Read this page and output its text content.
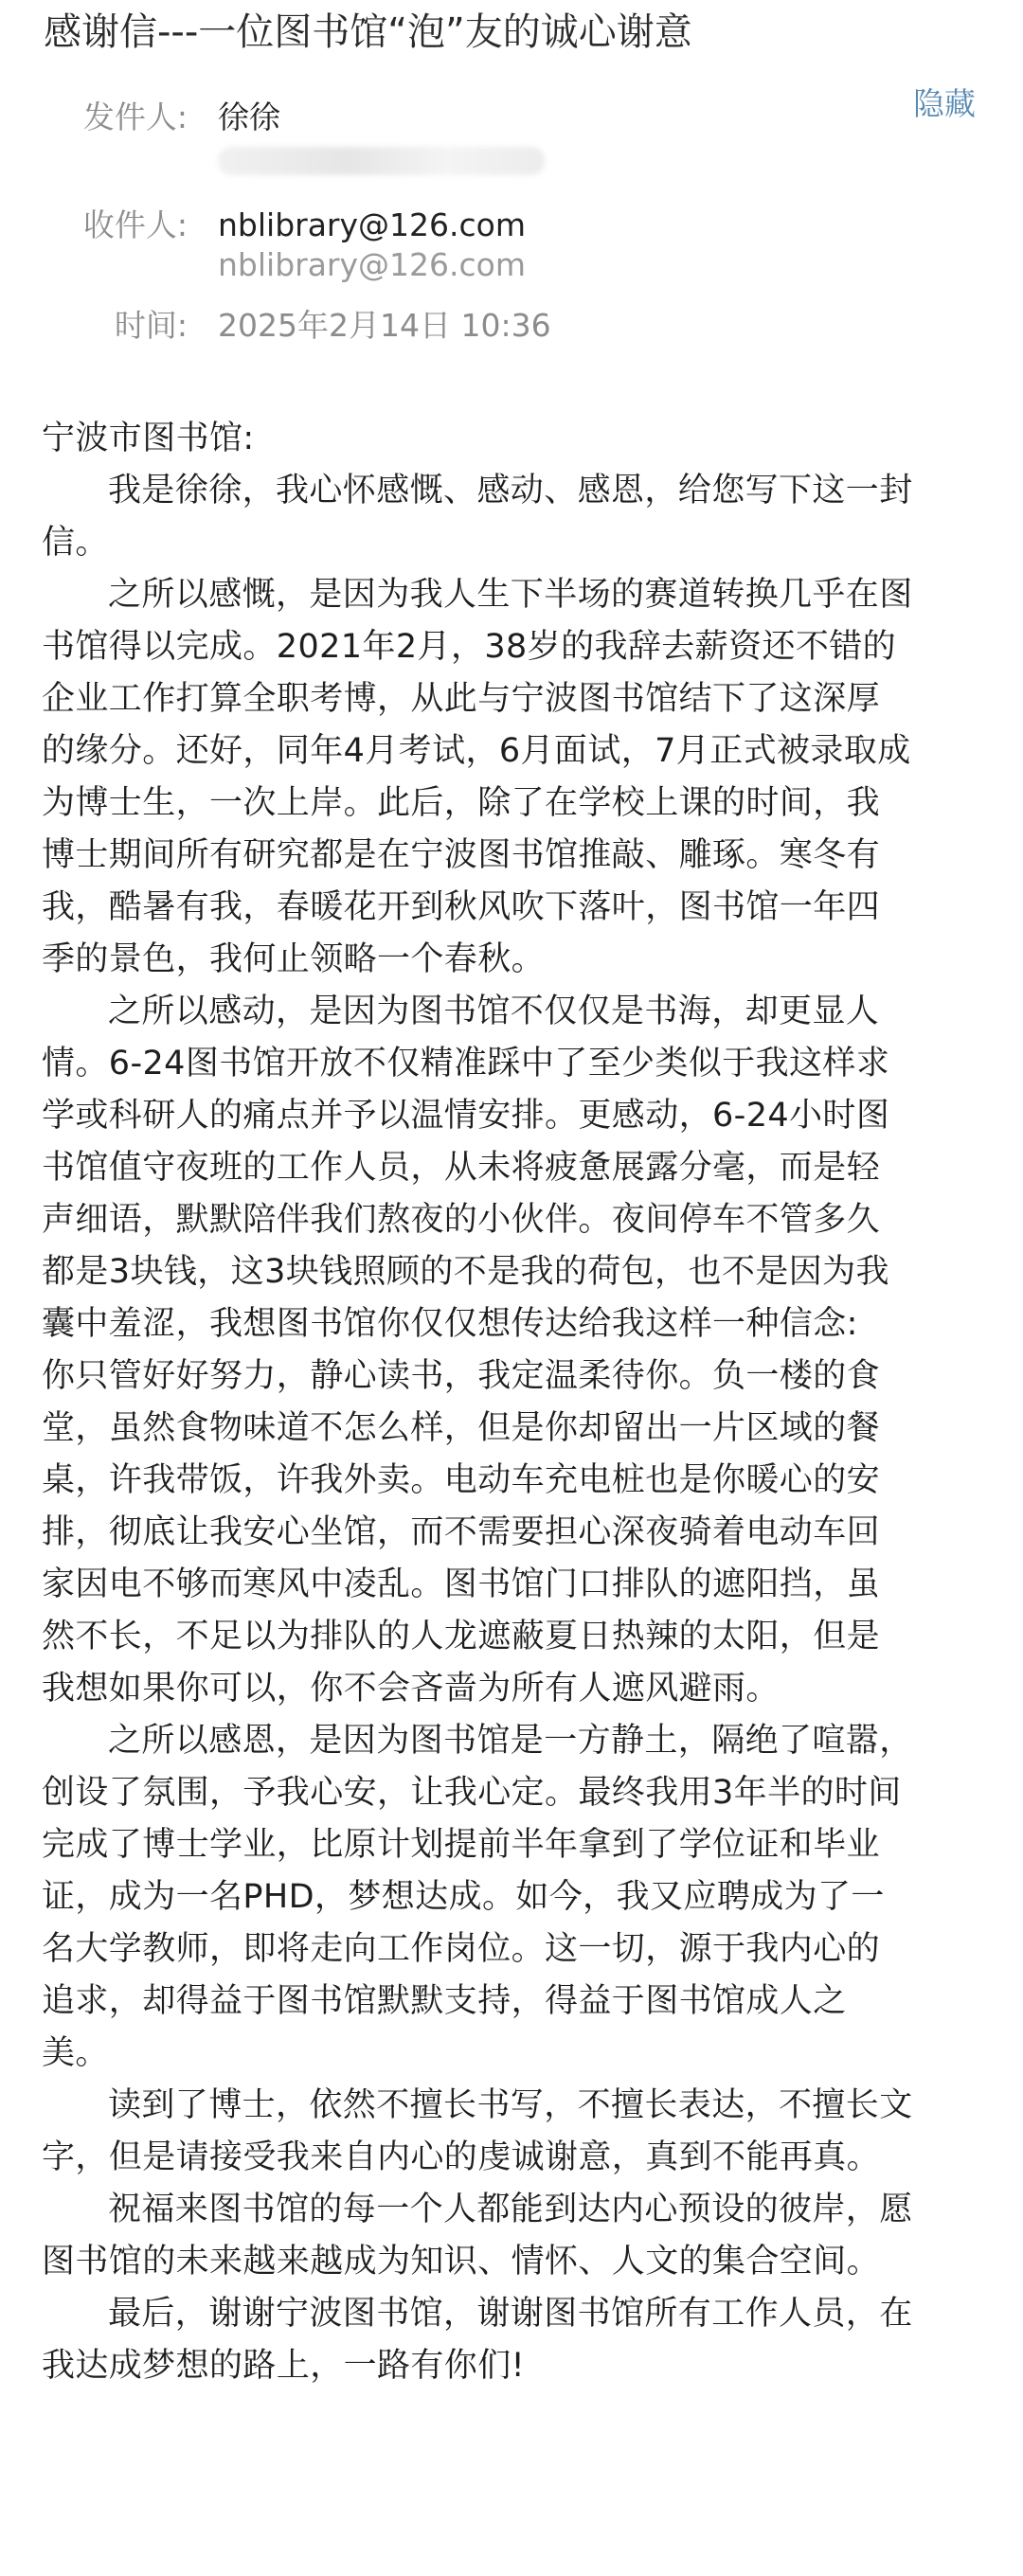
感谢信---一位图书馆“泡”友的诚心谢意
隐藏
发件人: 徐徐
收件人: nblibrary@126.com
nblibrary@126.com
时间: 2025年2月14日 10:36

宁波市图书馆:

我是徐徐，我心怀感慨、感动、感恩，给您写下这一封
信。

之所以感慨，是因为我人生下半场的赛道转换几乎在图
书馆得以完成。2021年2月，38岁的我辞去薪资还不错的
企业工作打算全职考博，从此与宁波图书馆结下了这深厚
的缘分。还好，同年4月考试，6月面试，7月正式被录取成
为博士生，一次上岸。此后，除了在学校上课的时间，我
博士期间所有研究都是在宁波图书馆推敲、雕琢。寒冬有
我，酷暑有我，春暖花开到秋风吹下落叶，图书馆一年四
季的景色，我何止领略一个春秋。

之所以感动，是因为图书馆不仅仅是书海，却更显人
情。6-24图书馆开放不仅精准踩中了至少类似于我这样求
学或科研人的痛点并予以温情安排。更感动，6-24小时图
书馆值守夜班的工作人员，从未将疲惫展露分毫，而是轻
声细语，默默陪伴我们熬夜的小伙伴。夜间停车不管多久
都是3块钱，这3块钱照顾的不是我的荷包，也不是因为我
囊中羞涩，我想图书馆你仅仅想传达给我这样一种信念:
你只管好好努力，静心读书，我定温柔待你。负一楼的食
堂，虽然食物味道不怎么样，但是你却留出一片区域的餐
桌，许我带饭，许我外卖。电动车充电桩也是你暖心的安
排，彻底让我安心坐馆，而不需要担心深夜骑着电动车回
家因电不够而寒风中凌乱。图书馆门口排队的遮阳挡，虽
然不长，不足以为排队的人龙遮蔽夏日热辣的太阳，但是
我想如果你可以，你不会吝啬为所有人遮风避雨。

之所以感恩，是因为图书馆是一方静土，隔绝了喧嚣，
创设了氛围，予我心安，让我心定。最终我用3年半的时间
完成了博士学业，比原计划提前半年拿到了学位证和毕业
证，成为一名PHD，梦想达成。如今，我又应聘成为了一
名大学教师，即将走向工作岗位。这一切，源于我内心的
追求，却得益于图书馆默默支持，得益于图书馆成人之
美。

读到了博士，依然不擅长书写，不擅长表达，不擅长文
字，但是请接受我来自内心的虔诚谢意，真到不能再真。

祝福来图书馆的每一个人都能到达内心预设的彼岸，愿
图书馆的未来越来越成为知识、情怀、人文的集合空间。

最后，谢谢宁波图书馆，谢谢图书馆所有工作人员，在
我达成梦想的路上，一路有你们!
